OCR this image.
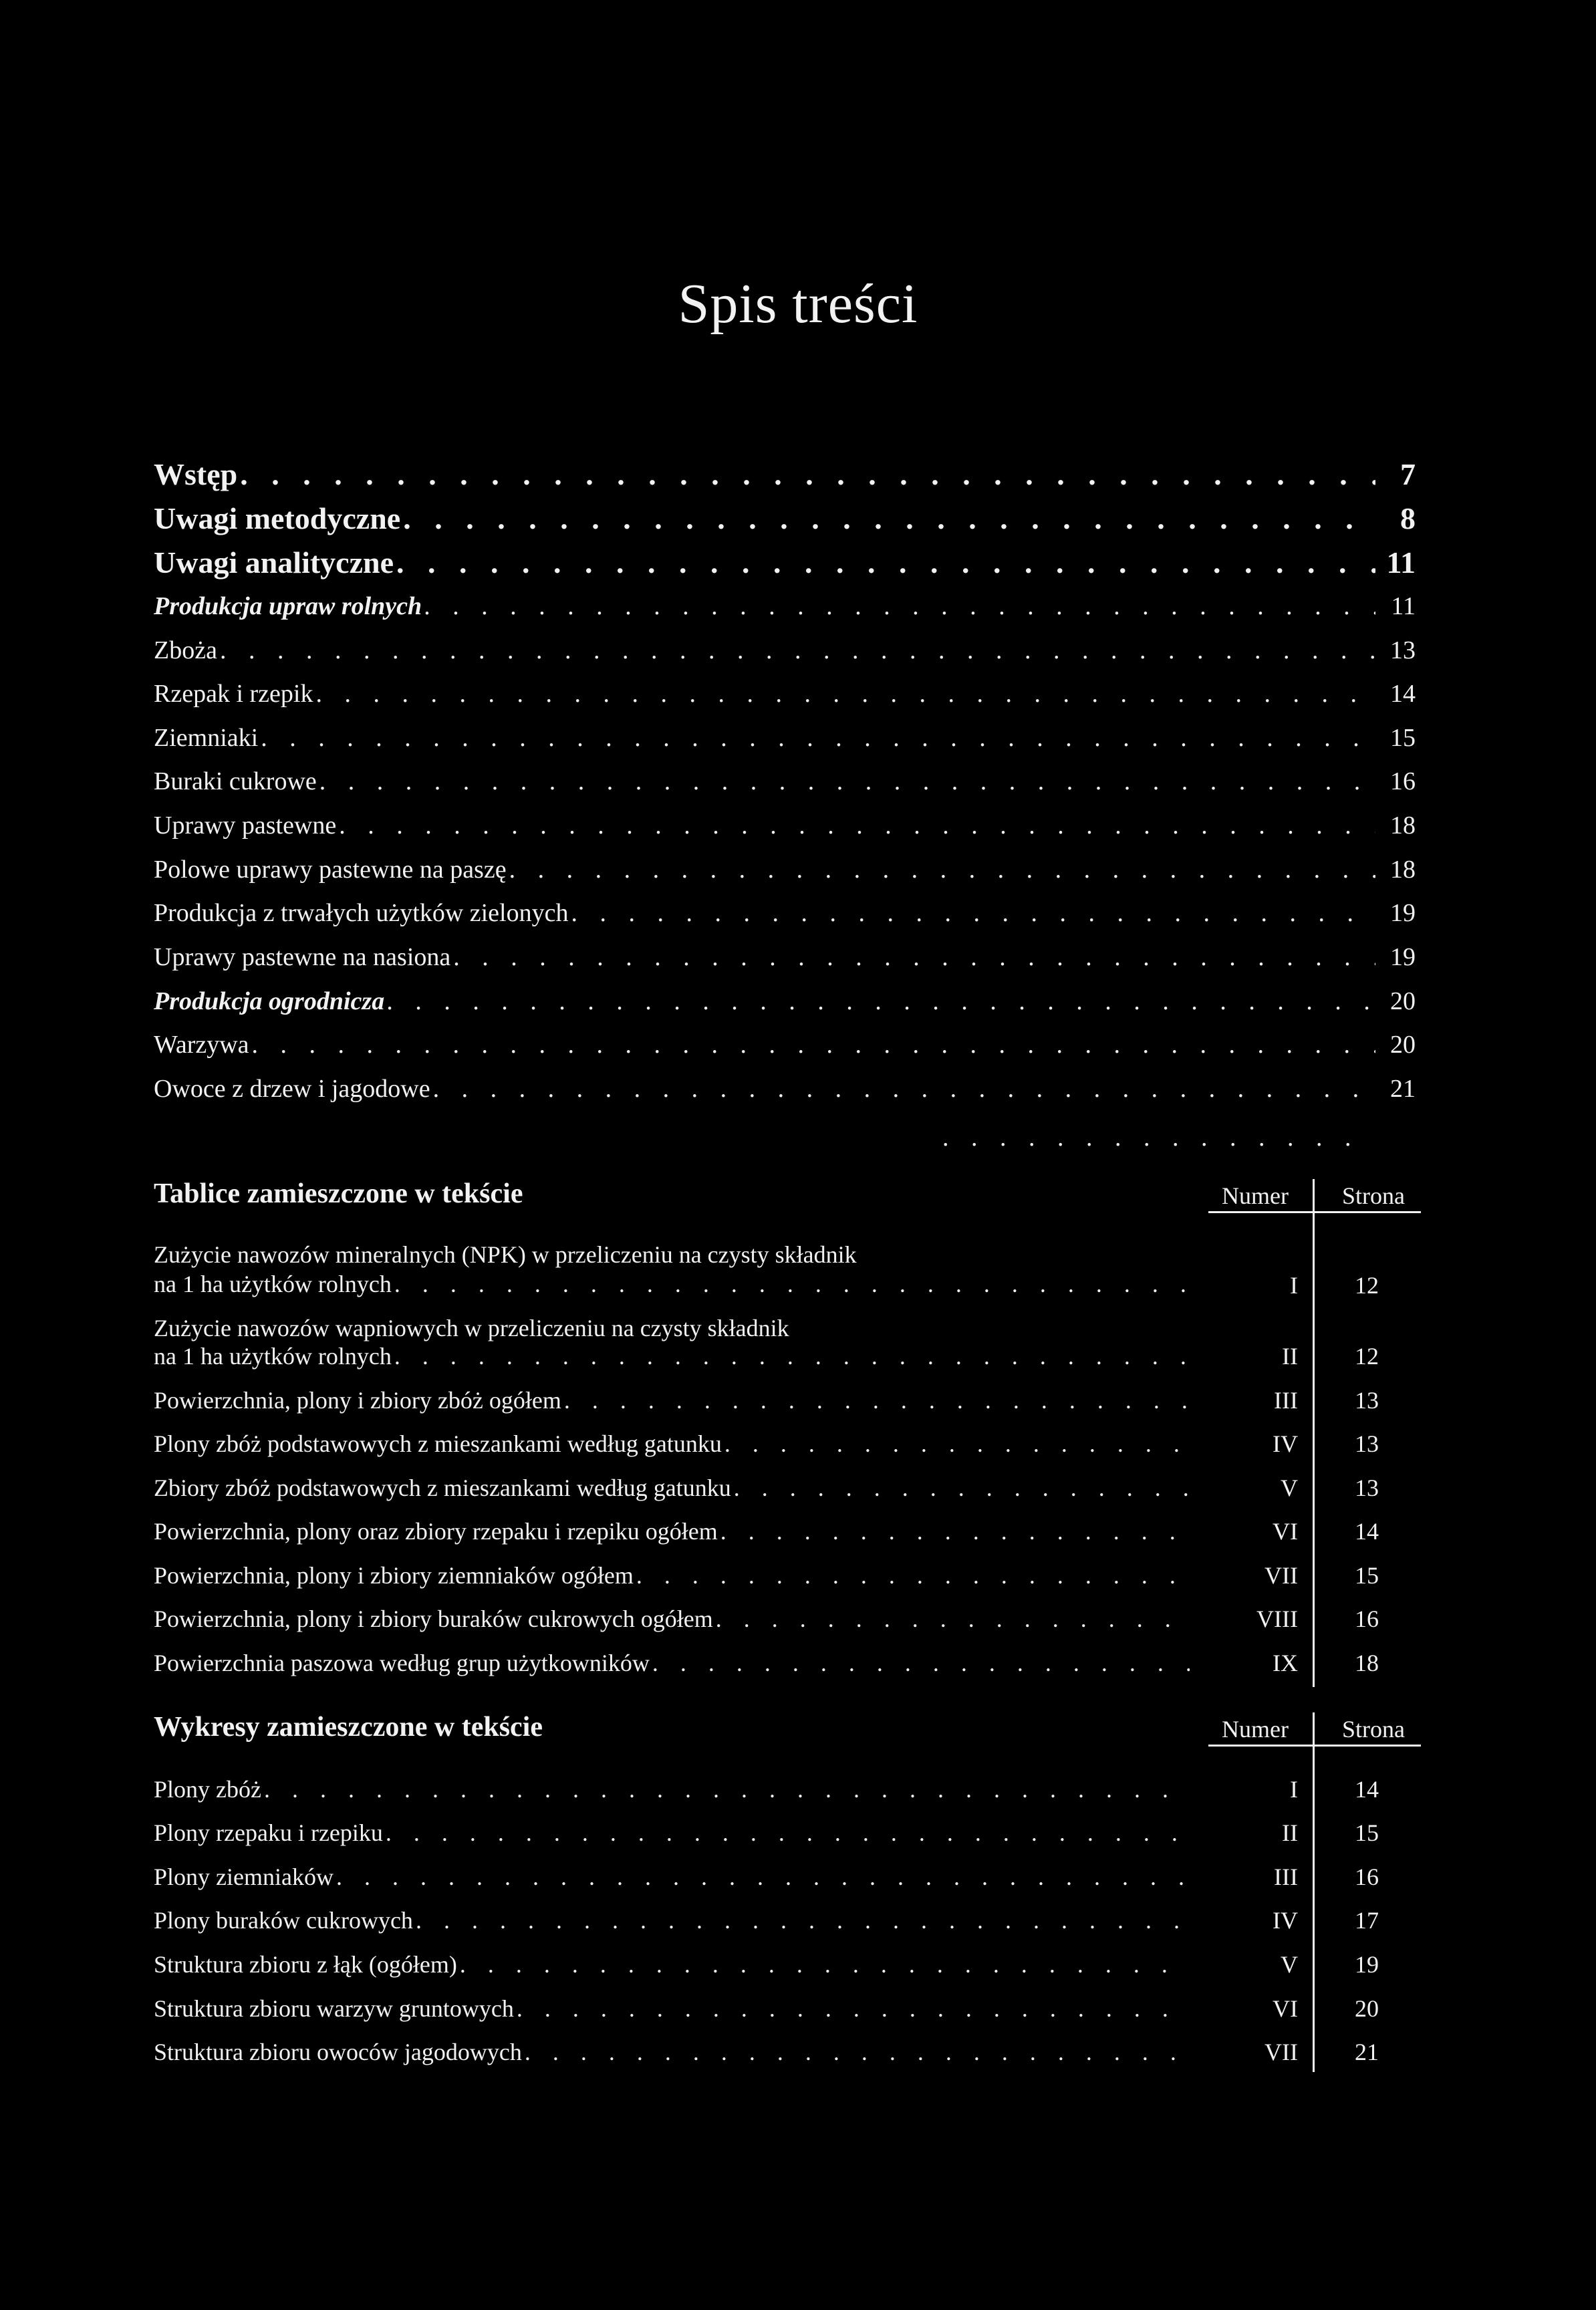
Spis treści
Wstęp . . .	7
Uwagi metodyczne . . .	8
Uwagi analityczne . . .	11
Produkcja upraw rolnych . . .	11
Zboża . . .	13
Rzepak i rzepik . . .	14
Ziemniaki . . .	15
Buraki cukrowe . . .	16
Uprawy pastewne . . .	18
Polowe uprawy pastewne na paszę . . .	18
Produkcja z trwałych użytków zielonych . . .	19
Uprawy pastewne na nasiona . . .	19
Produkcja ogrodnicza . . .	20
Warzywa . . .	20
Owoce z drzew i jagodowe . . .	21
. . .
Tablice zamieszczone w tekście	Numer	Strona
Zużycie nawozów mineralnych (NPK) w przeliczeniu na czysty składnik
na 1 ha użytków rolnych . . .	I	12
Zużycie nawozów wapniowych w przeliczeniu na czysty składnik
na 1 ha użytków rolnych . . .	II	12
Powierzchnia, plony i zbiory zbóż ogółem . . .	III	13
Plony zbóż podstawowych z mieszankami według gatunku . . .	IV	13
Zbiory zbóż podstawowych z mieszankami według gatunku . . .	V	13
Powierzchnia, plony oraz zbiory rzepaku i rzepiku ogółem . . .	VI	14
Powierzchnia, plony i zbiory ziemniaków ogółem . . .	VII	15
Powierzchnia, plony i zbiory buraków cukrowych ogółem . . .	VIII	16
Powierzchnia paszowa według grup użytkowników . . .	IX	18
Wykresy zamieszczone w tekście	Numer	Strona
Plony zbóż . . .	I	14
Plony rzepaku i rzepiku . . .	II	15
Plony ziemniaków . . .	III	16
Plony buraków cukrowych . . .	IV	17
Struktura zbioru z łąk (ogółem) . . .	V	19
Struktura zbioru warzyw gruntowych . . .	VI	20
Struktura zbioru owoców jagodowych . . .	VII	21
